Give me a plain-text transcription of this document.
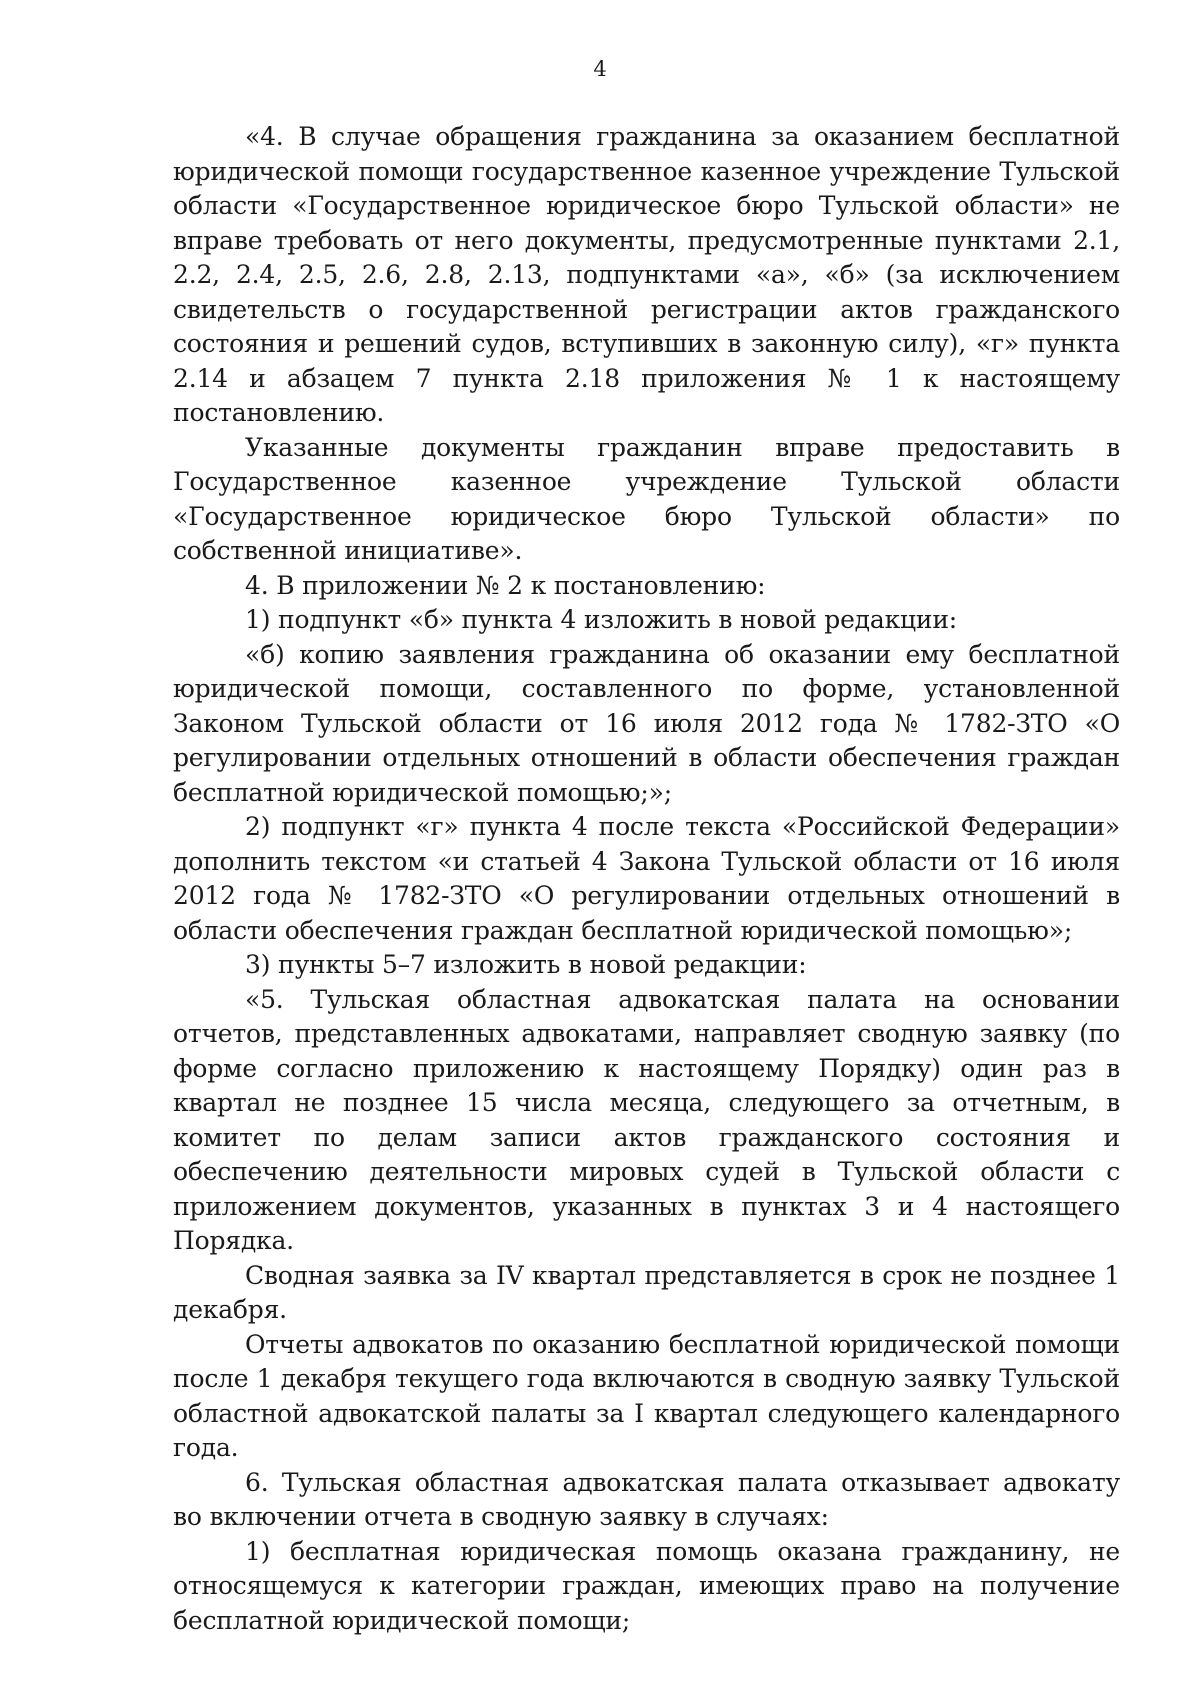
4

«4. В случае обращения гражданина за оказанием бесплатной юридической помощи государственное казенное учреждение Тульской области «Государственное юридическое бюро Тульской области» не вправе требовать от него документы, предусмотренные пунктами 2.1, 2.2, 2.4, 2.5, 2.6, 2.8, 2.13, подпунктами «а», «б» (за исключением свидетельств о государственной регистрации актов гражданского состояния и решений судов, вступивших в законную силу), «г» пункта 2.14 и абзацем 7 пункта 2.18 приложения № 1 к настоящему постановлению.

Указанные документы гражданин вправе предоставить в Государственное казенное учреждение Тульской области «Государственное юридическое бюро Тульской области» по собственной инициативе».

4. В приложении № 2 к постановлению:

1) подпункт «б» пункта 4 изложить в новой редакции:

«б) копию заявления гражданина об оказании ему бесплатной юридической помощи, составленного по форме, установленной Законом Тульской области от 16 июля 2012 года № 1782-ЗТО «О регулировании отдельных отношений в области обеспечения граждан бесплатной юридической помощью;»;

2) подпункт «г» пункта 4 после текста «Российской Федерации» дополнить текстом «и статьей 4 Закона Тульской области от 16 июля 2012 года № 1782-ЗТО «О регулировании отдельных отношений в области обеспечения граждан бесплатной юридической помощью»;

3) пункты 5–7 изложить в новой редакции:

«5. Тульская областная адвокатская палата на основании отчетов, представленных адвокатами, направляет сводную заявку (по форме согласно приложению к настоящему Порядку) один раз в квартал не позднее 15 числа месяца, следующего за отчетным, в комитет по делам записи актов гражданского состояния и обеспечению деятельности мировых судей в Тульской области с приложением документов, указанных в пунктах 3 и 4 настоящего Порядка.

Сводная заявка за IV квартал представляется в срок не позднее 1 декабря.

Отчеты адвокатов по оказанию бесплатной юридической помощи после 1 декабря текущего года включаются в сводную заявку Тульской областной адвокатской палаты за I квартал следующего календарного года.

6. Тульская областная адвокатская палата отказывает адвокату во включении отчета в сводную заявку в случаях:

1) бесплатная юридическая помощь оказана гражданину, не относящемуся к категории граждан, имеющих право на получение бесплатной юридической помощи;
